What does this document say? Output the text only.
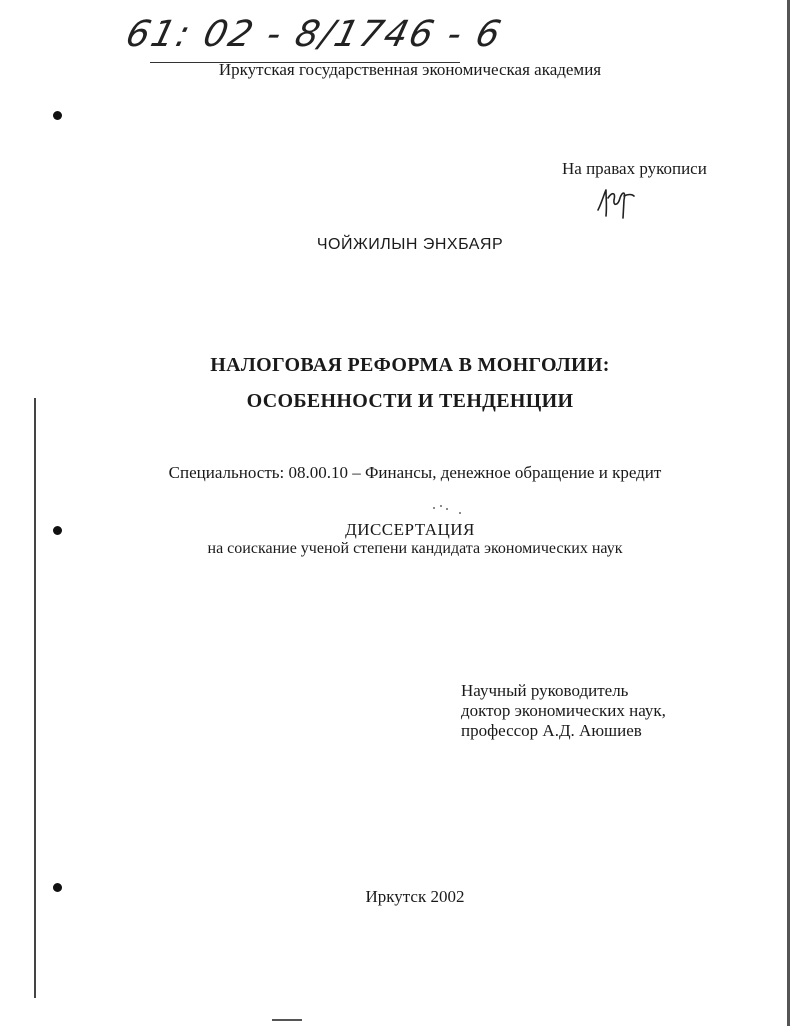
61: 02 - 8/1746 - 6
Иркутская государственная экономическая академия
На правах рукописи
ЧОЙЖИЛЫН ЭНХБАЯР
НАЛОГОВАЯ РЕФОРМА В МОНГОЛИИ:
ОСОБЕННОСТИ И ТЕНДЕНЦИИ
Специальность: 08.00.10 – Финансы, денежное обращение и кредит
ДИССЕРТАЦИЯ
на соискание ученой степени кандидата экономических наук
Научный руководитель
доктор экономических наук,
профессор А.Д. Аюшиев
Иркутск 2002
